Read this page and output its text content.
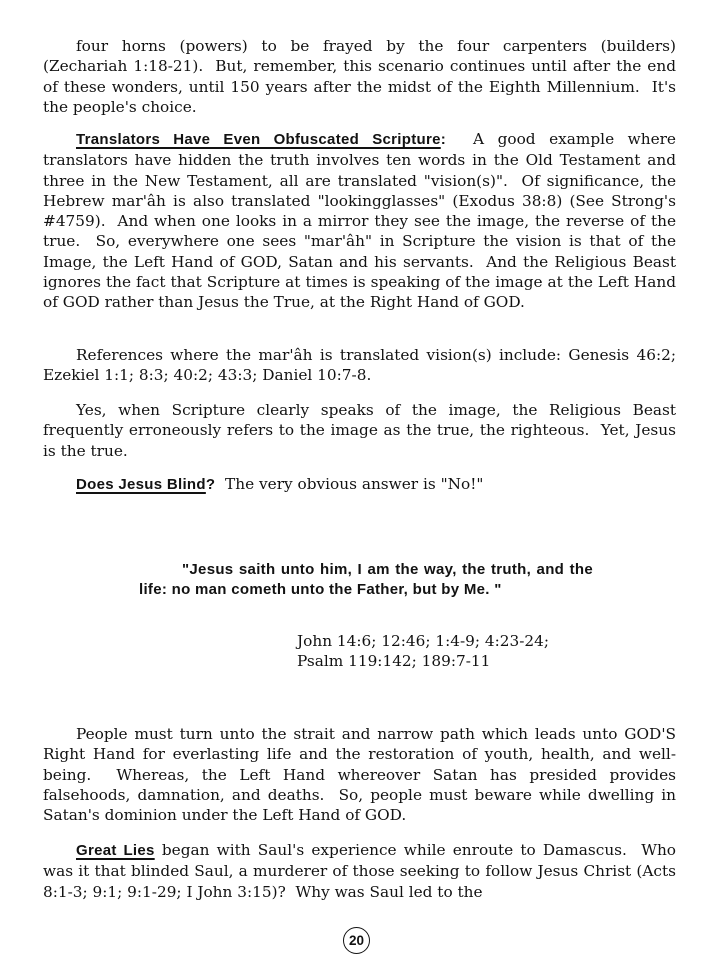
four horns (powers) to be frayed by the four carpenters (builders) (Zechariah 1:18-21).  But, remember, this scenario continues until after the end of these wonders, until 150 years after the midst of the Eighth Millennium.  It's the people's choice.
Translators Have Even Obfuscated Scripture:  A good example where translators have hidden the truth involves ten words in the Old Testament and three in the New Testament, all are translated "vision(s)".  Of significance, the Hebrew mar'âh is also translated "lookingglasses" (Exodus 38:8) (See Strong's #4759).  And when one looks in a mirror they see the image, the reverse of the true.  So, everywhere one sees "mar'âh" in Scripture the vision is that of the Image, the Left Hand of GOD, Satan and his servants.  And the Religious Beast ignores the fact that Scripture at times is speaking of the image at the Left Hand of GOD rather than Jesus the True, at the Right Hand of GOD.
References where the mar'âh is translated vision(s) include: Genesis 46:2; Ezekiel 1:1; 8:3; 40:2; 43:3; Daniel 10:7-8.
Yes, when Scripture clearly speaks of the image, the Religious Beast frequently erroneously refers to the image as the true, the righteous.  Yet, Jesus is the true.
Does Jesus Blind?  The very obvious answer is "No!"
"Jesus saith unto him, I am the way, the truth, and the life: no man cometh unto the Father, but by Me. "
John 14:6; 12:46; 1:4-9; 4:23-24;
Psalm 119:142; 189:7-11
People must turn unto the strait and narrow path which leads unto GOD'S Right Hand for everlasting life and the restoration of youth, health, and well-being.  Whereas, the Left Hand whereover Satan has presided provides falsehoods, damnation, and deaths.  So, people must beware while dwelling in Satan's dominion under the Left Hand of GOD.
Great Lies began with Saul's experience while enroute to Damascus.  Who was it that blinded Saul, a murderer of those seeking to follow Jesus Christ (Acts 8:1-3; 9:1; 9:1-29; I John 3:15)?  Why was Saul led to the
20
